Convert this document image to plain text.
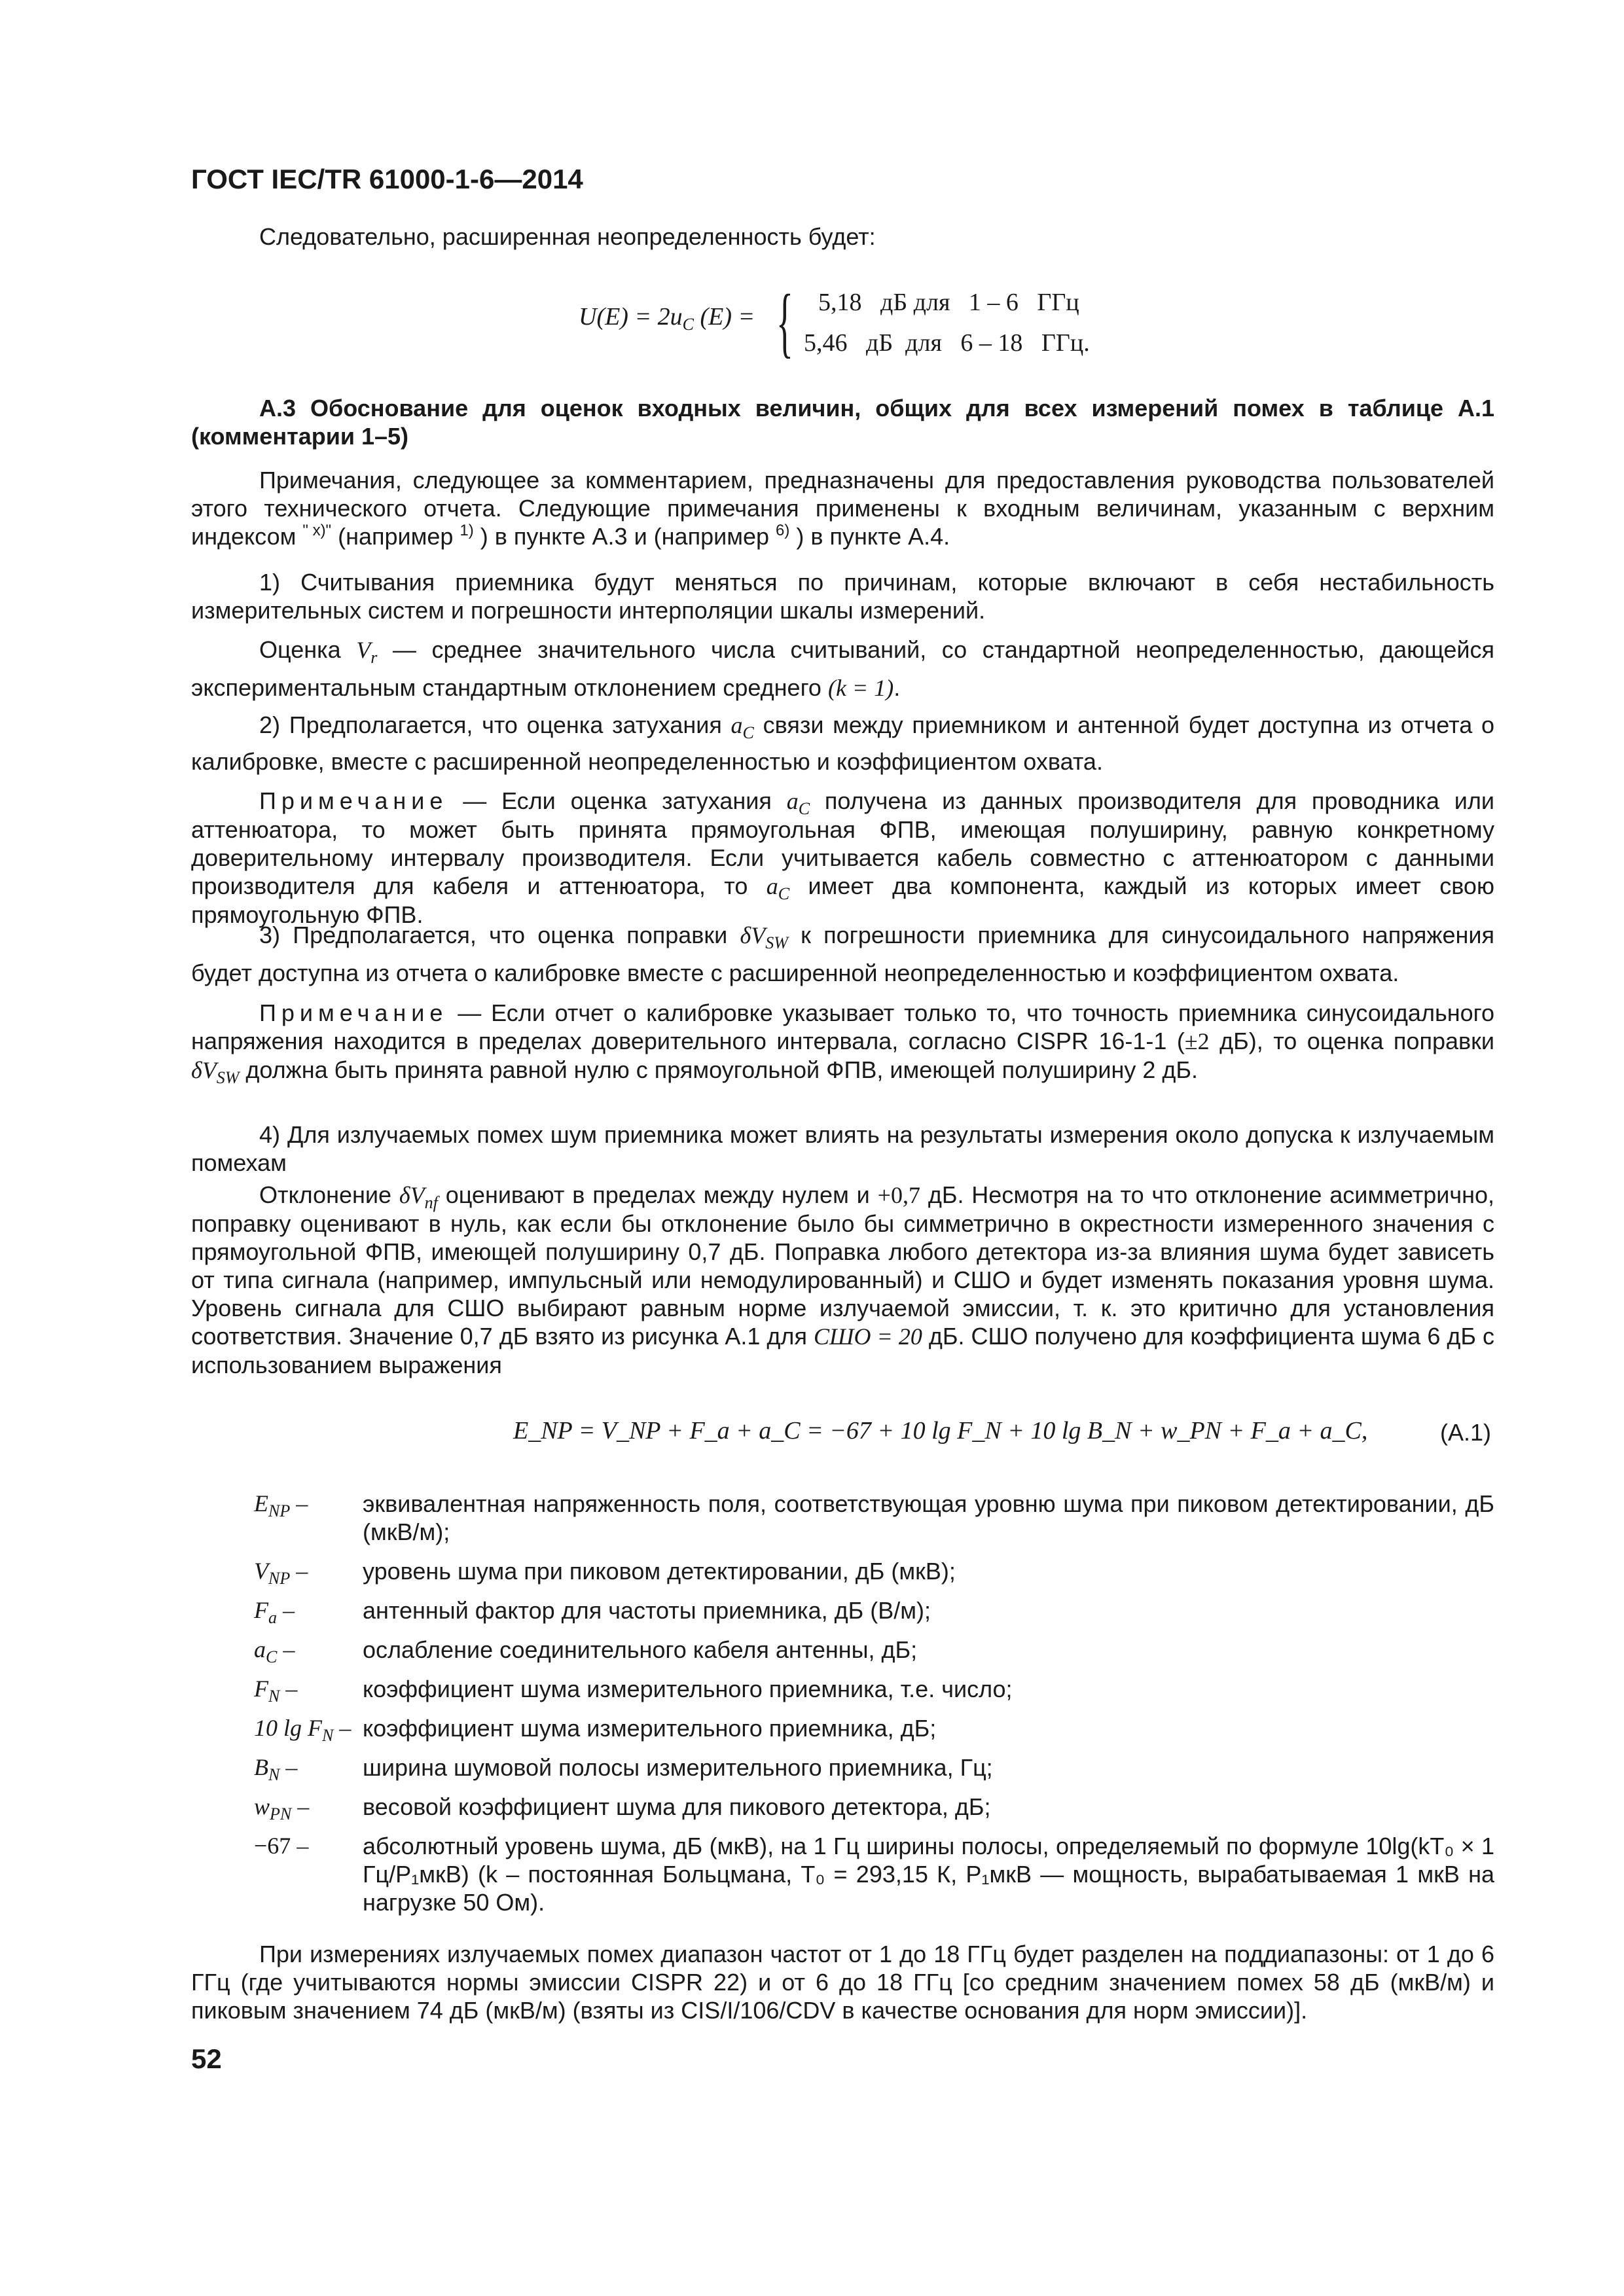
ГОСТ IEC/TR 61000-1-6—2014
Следовательно, расширенная неопределенность будет:
$U(E) = 2u_C$ (E) = { 5,18   дБ для   1 – 6   ГГц
5,46   дБ  для   6 – 18   ГГц.
А.3 Обоснование для оценок входных величин, общих для всех измерений помех в таблице А.1 (комментарии 1–5)
Примечания, следующее за комментарием, предназначены для предоставления руководства пользователей этого технического отчета. Следующие примечания применены к входным величинам, указанным с верхним индексом $^{" x)"}$ (например $^{1)}$ ) в пункте А.3 и (например $^{6)}$ ) в пункте А.4.
1) Считывания приемника будут меняться по причинам, которые включают в себя нестабильность измерительных систем и погрешности интерполяции шкалы измерений.
Оценка $V_r$ — среднее значительного числа считываний, со стандартной неопределенностью, дающейся экспериментальным стандартным отклонением среднего (k = 1).
2) Предполагается, что оценка затухания $a_C$ связи между приемником и антенной будет доступна из отчета о калибровке, вместе с расширенной неопределенностью и коэффициентом охвата.
Примечание — Если оценка затухания $a_C$ получена из данных производителя для проводника или аттенюатора, то может быть принята прямоугольная ФПВ, имеющая полуширину, равную конкретному доверительному интервалу производителя. Если учитывается кабель совместно с аттенюатором с данными производителя для кабеля и аттенюатора, то $a_C$ имеет два компонента, каждый из которых имеет свою прямоугольную ФПВ.
3) Предполагается, что оценка поправки $\delta V_{SW}$ к погрешности приемника для синусоидального напряжения будет доступна из отчета о калибровке вместе с расширенной неопределенностью и коэффициентом охвата.
Примечание — Если отчет о калибровке указывает только то, что точность приемника синусоидального напряжения находится в пределах доверительного интервала, согласно CISPR 16-1-1 (±2 дБ), то оценка поправки $\delta V_{SW}$ должна быть принята равной нулю с прямоугольной ФПВ, имеющей полуширину 2 дБ.
4) Для излучаемых помех шум приемника может влиять на результаты измерения около допуска к излучаемым помехам
Отклонение $\delta V_{nf}$ оценивают в пределах между нулем и +0,7 дБ. Несмотря на то что отклонение асимметрично, поправку оценивают в нуль, как если бы отклонение было бы симметрично в окрестности измеренного значения с прямоугольной ФПВ, имеющей полуширину 0,7 дБ. Поправка любого детектора из-за влияния шума будет зависеть от типа сигнала (например, импульсный или немодулированный) и СШО и будет изменять показания уровня шума. Уровень сигнала для СШО выбирают равным норме излучаемой эмиссии, т. к. это критично для установления соответствия. Значение 0,7 дБ взято из рисунка А.1 для СШО = 20 дБ. СШО получено для коэффициента шума 6 дБ с использованием выражения
E_NP = V_NP + F_a + a_C = −67 + 10 lg F_N + 10 lg B_N + w_PN + F_a + a_C,	(А.1)
$E_{NP}$ –	эквивалентная напряженность поля, соответствующая уровню шума при пиковом детектировании, дБ (мкВ/м);
$V_{NP}$ –	уровень шума при пиковом детектировании, дБ (мкВ);
$F_a$ –	антенный фактор для частоты приемника, дБ (В/м);
$a_C$ –	ослабление соединительного кабеля антенны, дБ;
$F_N$ –	коэффициент шума измерительного приемника, т.е. число;
10 $\lg F_N$ – коэффициент шума измерительного приемника, дБ;
$B_N$ –	ширина шумовой полосы измерительного приемника, Гц;
$w_{PN}$ –	весовой коэффициент шума для пикового детектора, дБ;
−67 –	абсолютный уровень шума, дБ (мкВ), на 1 Гц ширины полосы, определяемый по формуле 10lg(kT₀ × 1 Гц/P₁мкВ) (k – постоянная Больцмана, T₀ = 293,15 К, P₁мкВ — мощность, вырабатываемая 1 мкВ на нагрузке 50 Ом).
При измерениях излучаемых помех диапазон частот от 1 до 18 ГГц будет разделен на поддиапазоны: от 1 до 6 ГГц (где учитываются нормы эмиссии CISPR 22) и от 6 до 18 ГГц [со средним значением помех 58 дБ (мкВ/м) и пиковым значением 74 дБ (мкВ/м) (взяты из CIS/I/106/CDV в качестве основания для норм эмиссии)].
52
